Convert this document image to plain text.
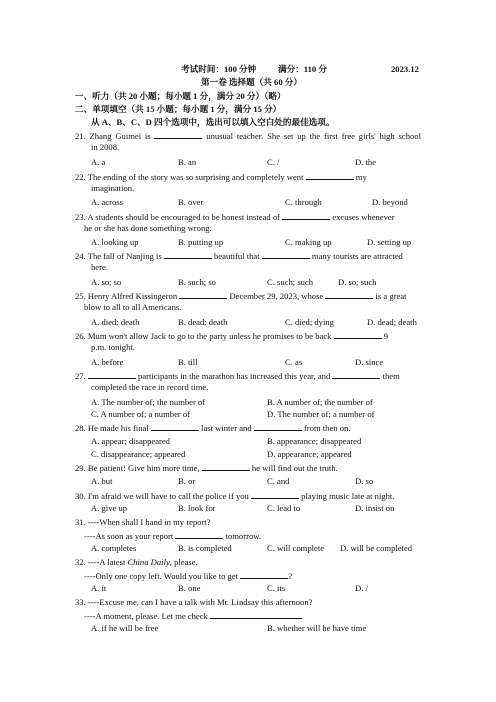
考试时间：100 分钟	满分：110 分	2023.12
第一卷 选择题（共 60 分）
一、听力（共 20 小题；每小题 1 分，满分 20 分）（略）
二、单项填空（共 15 小题；每小题 1 分，满分 15 分）
从 A、B、C、D 四个选项中，选出可以填入空白处的最佳选项。
21. Zhang Guimei is	unusual teacher. She set up the first free girls' high school
in 2008.
A. a	B. an	C. /	D. the
22. The ending of the story was so surprising and completely went	my
imagination.
A. across	B. over	C. through	D. beyond
23. A students should be encouraged to be honest instead of	excuses whenever
he or she has done something wrong.
A. looking up	B. putting up	C. making up	D. setting up
24. The fall of Nanjing is	beautiful that	many tourists are attracted
here.
A. so; so	B. such; so	C. such; such	D. so; such
25. Henry Alfred Kissingeron	December 29, 2023, whose	is a great
blow to all to all Americans.
A. died; death	B. dead; death	C. died; dying	D. dead; death
26. Mum won't allow Jack to go to the party unless he promises to be back	9
p.m. tonight.
A. before	B. till	C. as	D. since
27.	participants in the marathon has increased this year, and	them
completed the race in record time.
A. The number of; the number of	B. A number of; the number of
C. A number of; a number of	D. The number of; a number of
28. He made his final	last winter and	from then on.
A. appear; disappeared	B. appearance; disappeared
C. disappearance; appeared	D. appearance; appeared
29. Be patient! Give him more time,	he will find out the truth.
A. but	B. or	C. and	D. so
30. I'm afraid we will have to call the police if you	playing music late at night.
A. give up	B. look for	C. lead to	D. insist on
31. ----When shall I hand in my report?
----As soon as your report	tomorrow.
A. completes	B. is completed	C. will complete D. will be completed
32. ----A latest China Daily, please.
----Only one copy left. Would you like to get	?
A. it	B. one	C. its	D. /
33. ----Excuse me, can I have a talk with Mr. Lindsay this afternoon?
----A moment, please. Let me check
A. if he will be free	B. whether will he have time
